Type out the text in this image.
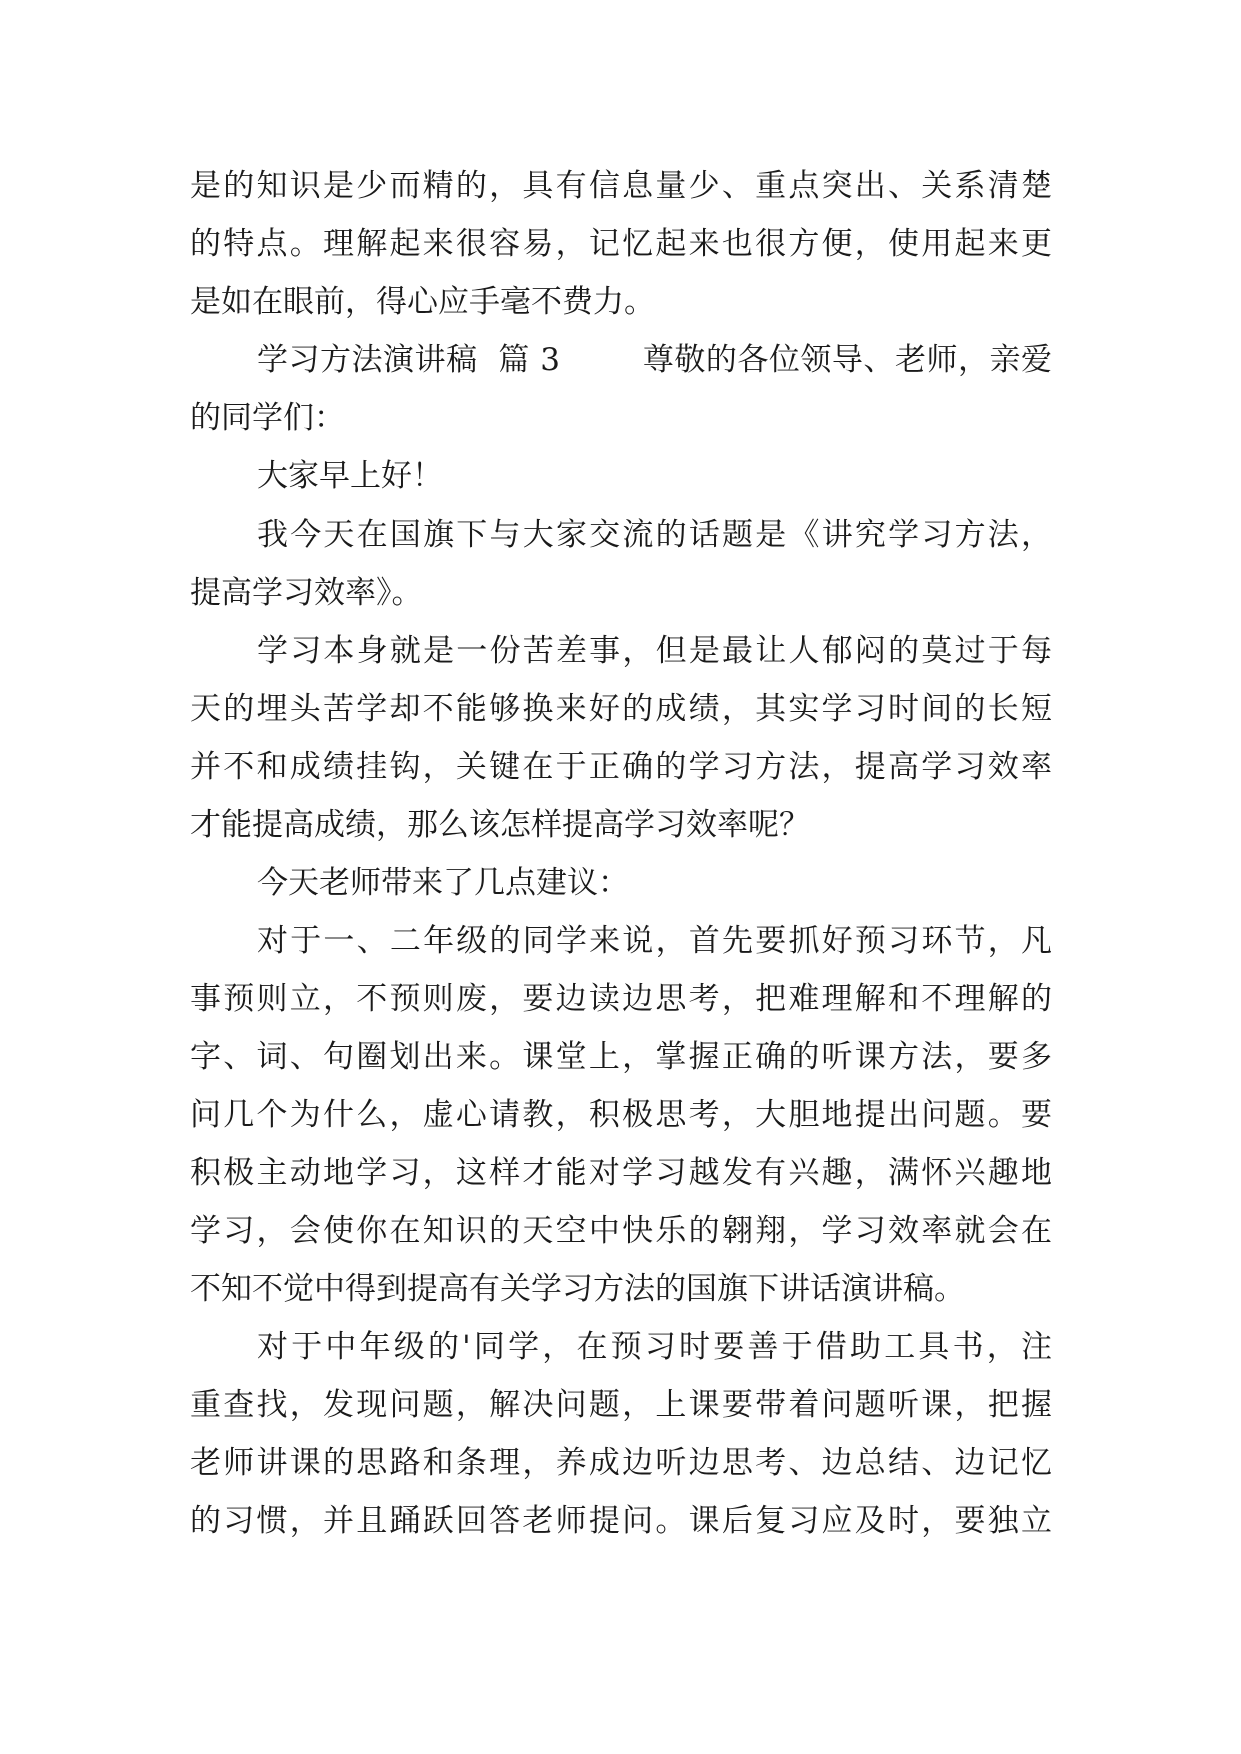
是的知识是少而精的，具有信息量少、重点突出、关系清楚
的特点。理解起来很容易，记忆起来也很方便，使用起来更
是如在眼前，得心应手毫不费力。
学习方法演讲稿  篇 3        尊敬的各位领导、老师，亲爱
的同学们：
大家早上好！
我今天在国旗下与大家交流的话题是《讲究学习方法，
提高学习效率》。
学习本身就是一份苦差事，但是最让人郁闷的莫过于每
天的埋头苦学却不能够换来好的成绩，其实学习时间的长短
并不和成绩挂钩，关键在于正确的学习方法，提高学习效率
才能提高成绩，那么该怎样提高学习效率呢？
今天老师带来了几点建议：
对于一、二年级的同学来说，首先要抓好预习环节，凡
事预则立，不预则废，要边读边思考，把难理解和不理解的
字、词、句圈划出来。课堂上，掌握正确的听课方法，要多
问几个为什么，虚心请教，积极思考，大胆地提出问题。要
积极主动地学习，这样才能对学习越发有兴趣，满怀兴趣地
学习，会使你在知识的天空中快乐的翱翔，学习效率就会在
不知不觉中得到提高有关学习方法的国旗下讲话演讲稿。
对于中年级的'同学，在预习时要善于借助工具书，注
重查找，发现问题，解决问题，上课要带着问题听课，把握
老师讲课的思路和条理，养成边听边思考、边总结、边记忆
的习惯，并且踊跃回答老师提问。课后复习应及时，要独立
